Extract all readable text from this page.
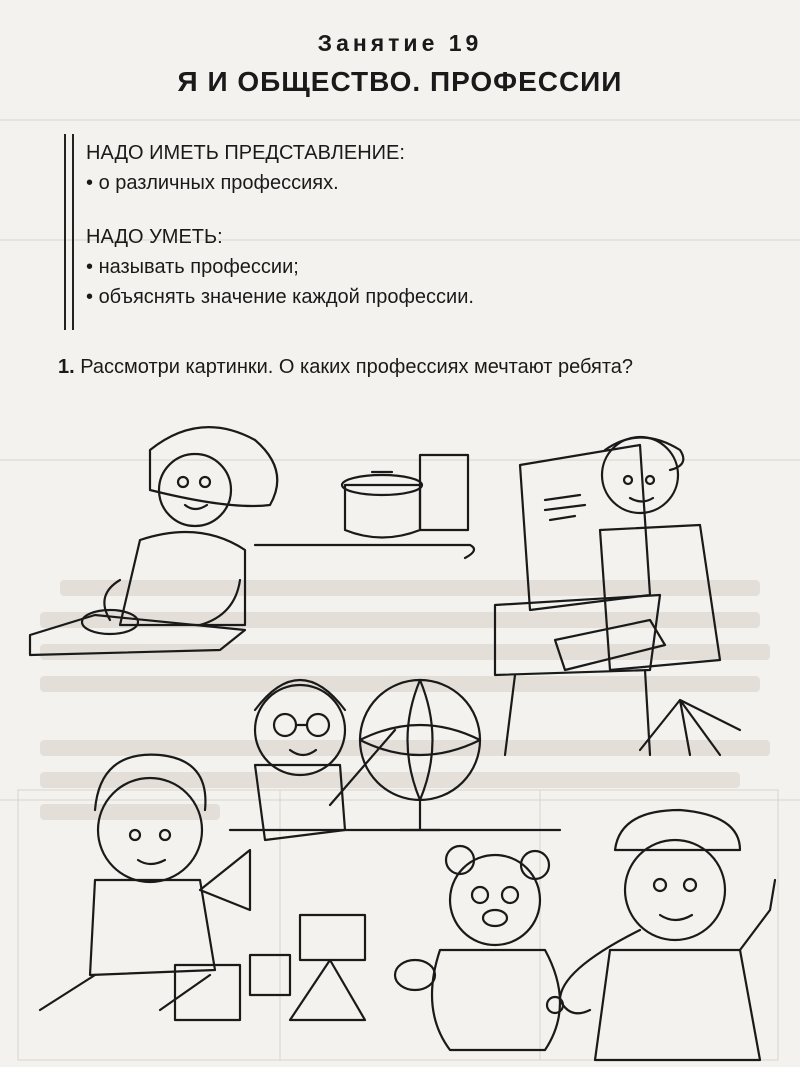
Занятие 19
Я И ОБЩЕСТВО. ПРОФЕССИИ
НАДО ИМЕТЬ ПРЕДСТАВЛЕНИЕ:
• о различных профессиях.
НАДО УМЕТЬ:
• называть профессии;
• объяснять значение каждой профессии.
1. Рассмотри картинки. О каких профессиях мечтают ребята?
